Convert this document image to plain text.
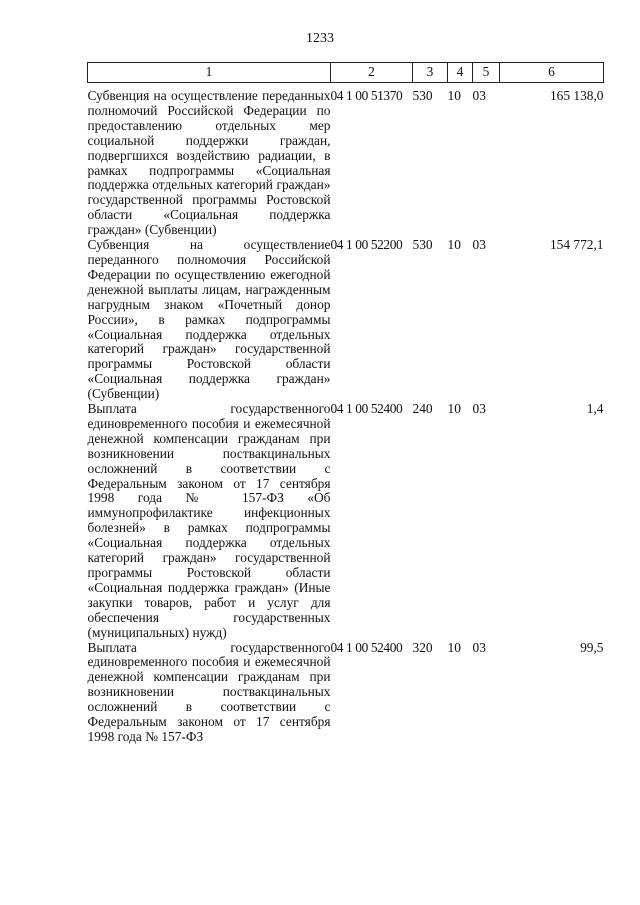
1233
1	2	3	4	5	6

Субвенция на осуществление переданных полномочий Российской Федерации по предоставлению отдельных мер социальной поддержки граждан, подвергшихся воздействию радиации, в рамках подпрограммы «Социальная поддержка отдельных категорий граждан» государственной программы Ростовской области «Социальная поддержка граждан» (Субвенции)	04 1 00 51370	530	10	03	165 138,0
Субвенция на осуществление переданного полномочия Российской Федерации по осуществлению ежегодной денежной выплаты лицам, награжденным нагрудным знаком «Почетный донор России», в рамках подпрограммы «Социальная поддержка отдельных категорий граждан» государственной программы Ростовской области «Социальная поддержка граждан» (Субвенции)	04 1 00 52200	530	10	03	154 772,1
Выплата государственного единовременного пособия и ежемесячной денежной компенсации гражданам при возникновении поствакцинальных осложнений в соответствии с Федеральным законом от 17 сентября 1998 года № 157-ФЗ «Об иммунопрофилактике инфекционных болезней» в рамках подпрограммы «Социальная поддержка отдельных категорий граждан» государственной программы Ростовской области «Социальная поддержка граждан» (Иные закупки товаров, работ и услуг для обеспечения государственных (муниципальных) нужд)	04 1 00 52400	240	10	03	1,4
Выплата государственного единовременного пособия и ежемесячной денежной компенсации гражданам при возникновении поствакцинальных осложнений в соответствии с Федеральным законом от 17 сентября 1998 года № 157-ФЗ	04 1 00 52400	320	10	03	99,5
